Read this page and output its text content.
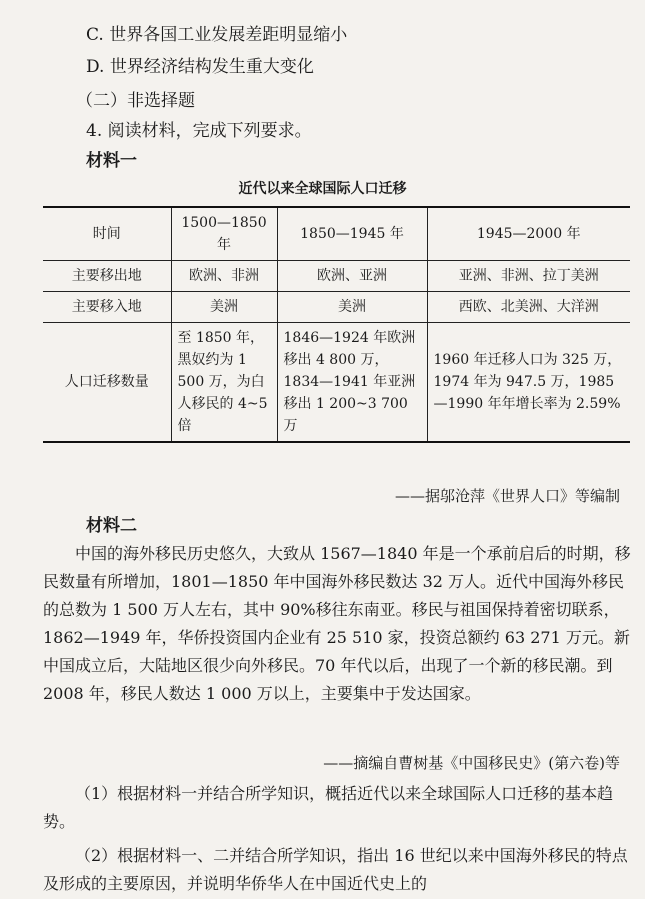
C. 世界各国工业发展差距明显缩小
D. 世界经济结构发生重大变化
（二）非选择题
4. 阅读材料，完成下列要求。
材料一
近代以来全球国际人口迁移
时间	1500—1850 年	1850—1945 年	1945—2000 年
主要移出地	欧洲、非洲	欧洲、亚洲	亚洲、非洲、拉丁美洲
主要移入地	美洲	美洲	西欧、北美洲、大洋洲
人口迁移数量	至 1850 年，黑奴约为 1 500 万，为白人移民的 4~5 倍	1846—1924 年欧洲移出 4 800 万，1834—1941 年亚洲移出 1 200~3 700 万	1960 年迁移人口为 325 万，1974 年为 947.5 万，1985—1990 年年增长率为 2.59%
——据邬沧萍《世界人口》等编制
材料二
中国的海外移民历史悠久，大致从 1567—1840 年是一个承前启后的时期，移民数量有所增加，1801—1850 年中国海外移民数达 32 万人。近代中国海外移民的总数为 1 500 万人左右，其中 90%移往东南亚。移民与祖国保持着密切联系，1862—1949 年，华侨投资国内企业有 25 510 家，投资总额约 63 271 万元。新中国成立后，大陆地区很少向外移民。70 年代以后，出现了一个新的移民潮。到 2008 年，移民人数达 1 000 万以上，主要集中于发达国家。
——摘编自曹树基《中国移民史》(第六卷)等
（1）根据材料一并结合所学知识，概括近代以来全球国际人口迁移的基本趋势。
（2）根据材料一、二并结合所学知识，指出 16 世纪以来中国海外移民的特点及形成的主要原因，并说明华侨华人在中国近代史上的
